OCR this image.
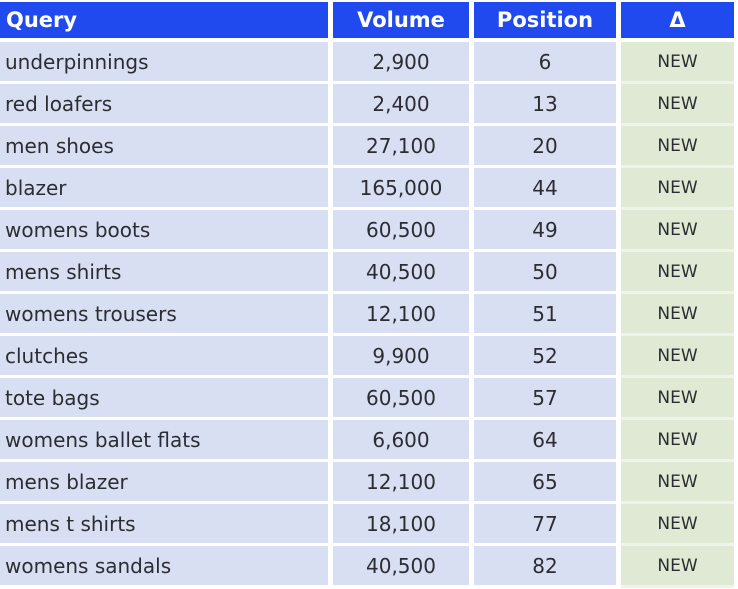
Query	Volume	Position	Δ
underpinnings	2,900	6	NEW
red loafers	2,400	13	NEW
men shoes	27,100	20	NEW
blazer	165,000	44	NEW
womens boots	60,500	49	NEW
mens shirts	40,500	50	NEW
womens trousers	12,100	51	NEW
clutches	9,900	52	NEW
tote bags	60,500	57	NEW
womens ballet flats	6,600	64	NEW
mens blazer	12,100	65	NEW
mens t shirts	18,100	77	NEW
womens sandals	40,500	82	NEW
